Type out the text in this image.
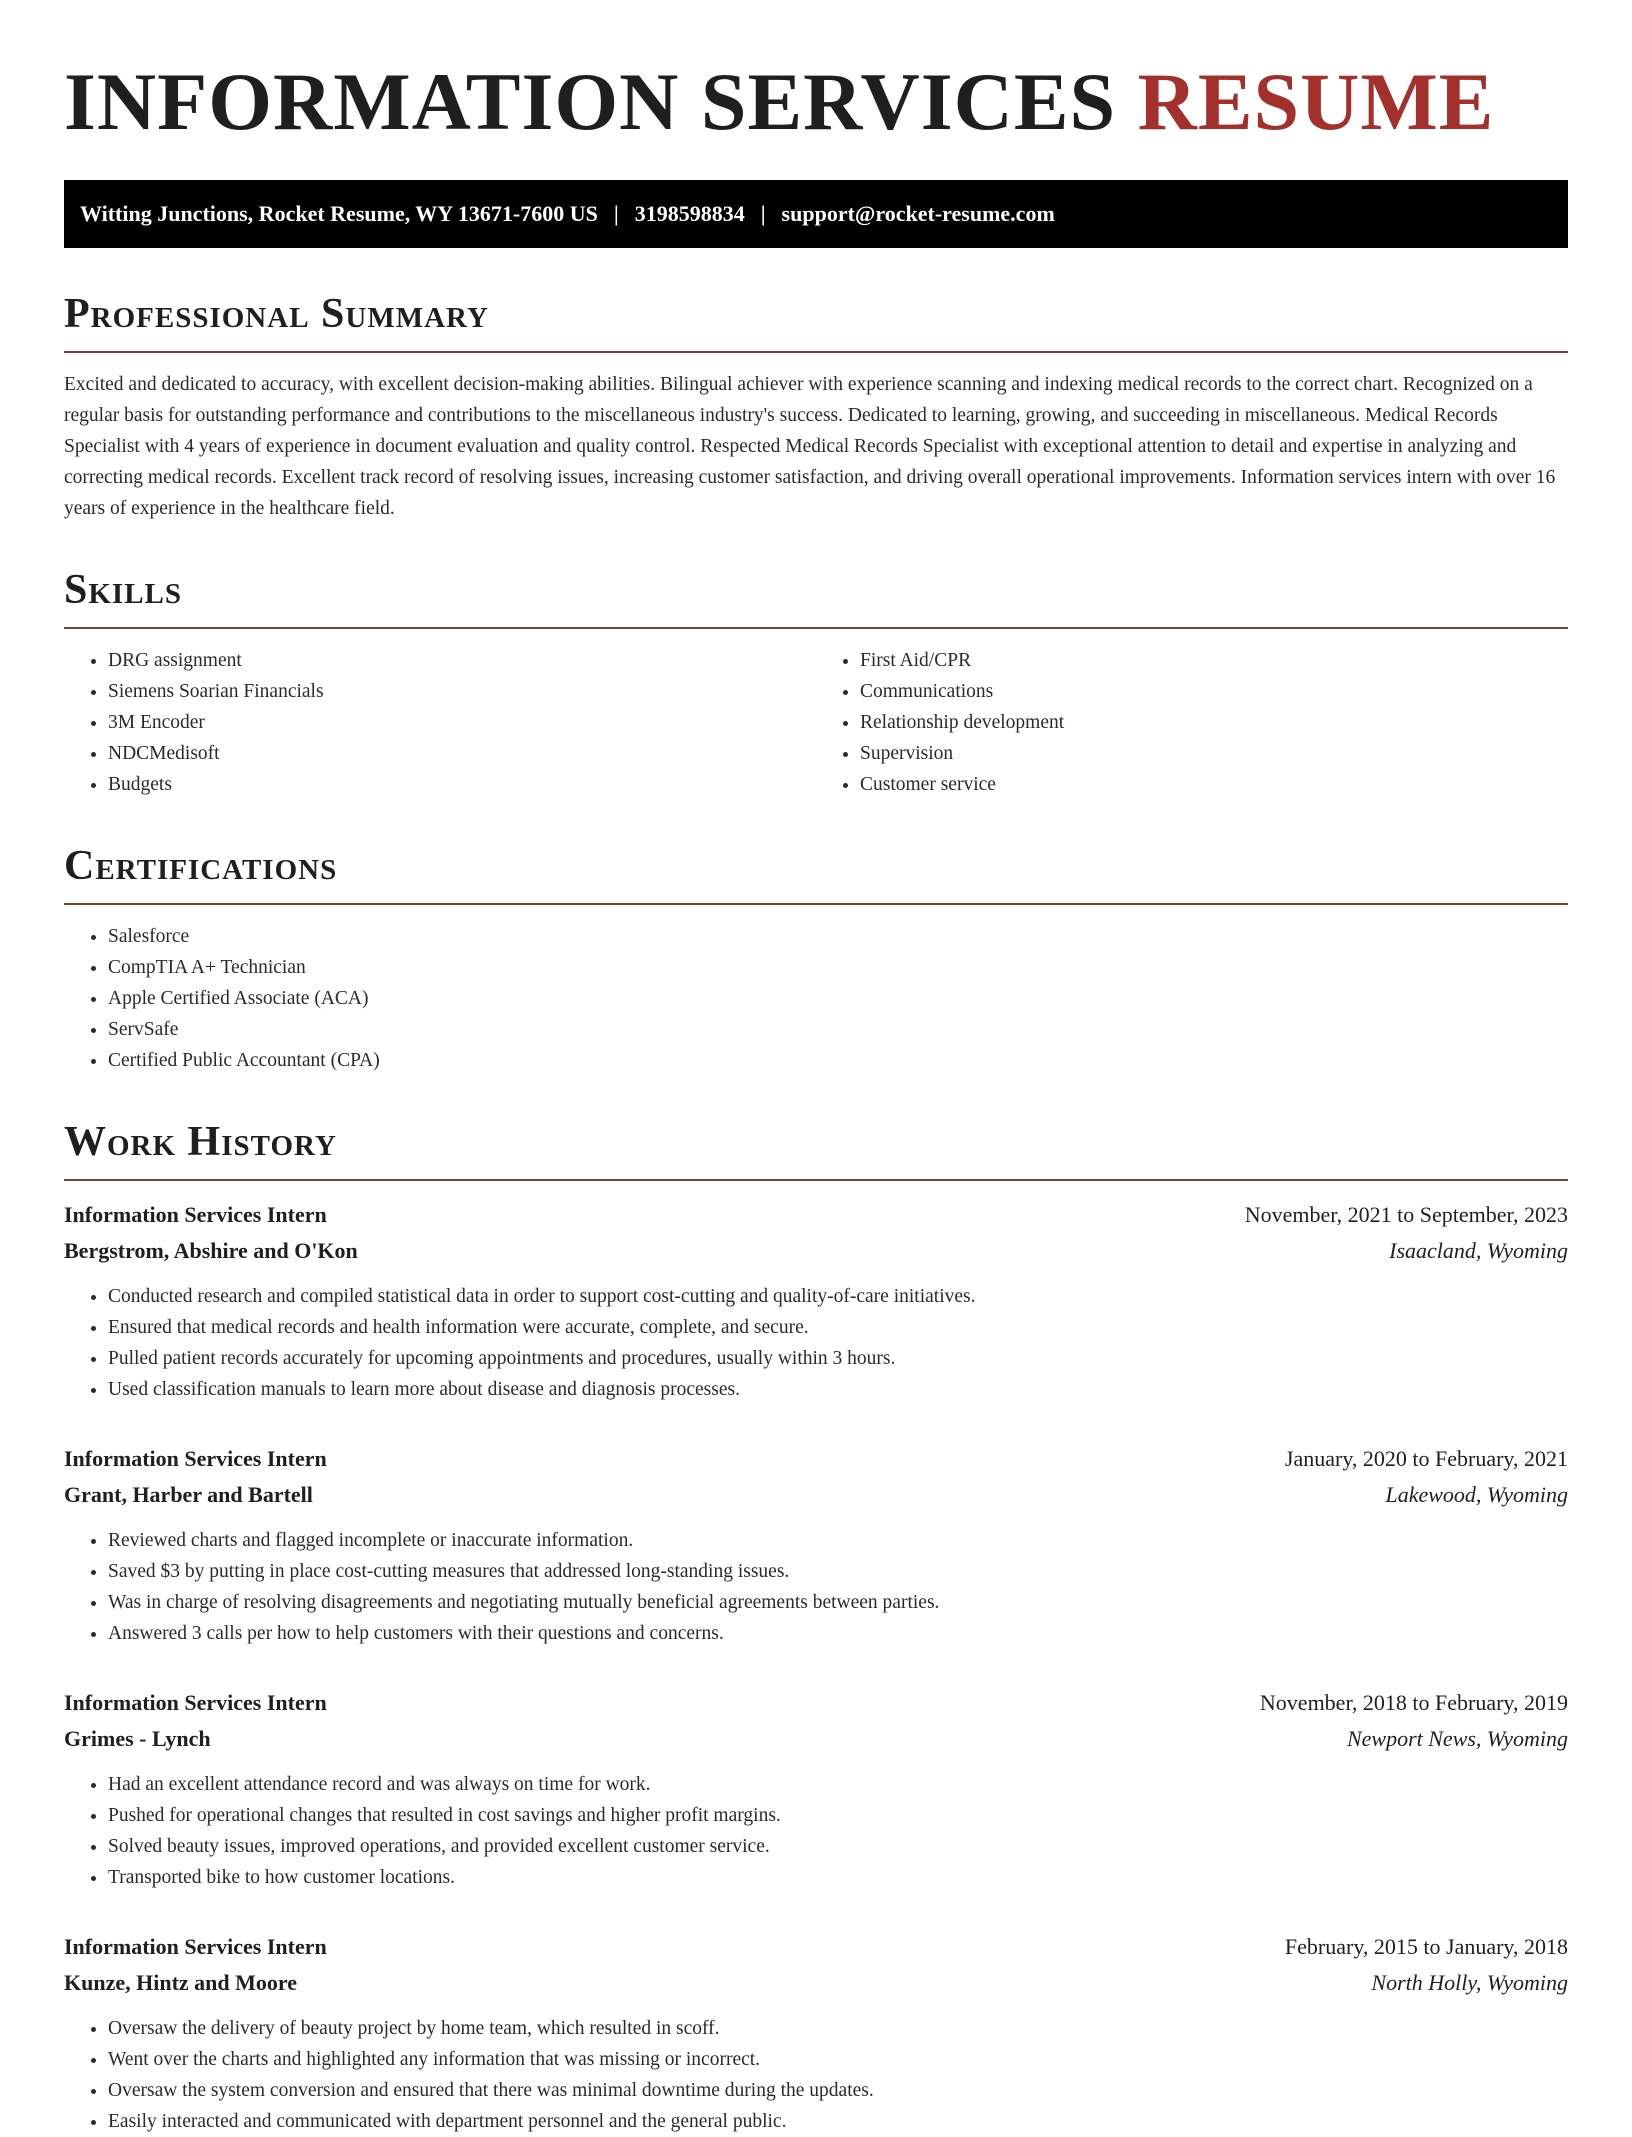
INFORMATION SERVICES RESUME
Witting Junctions, Rocket Resume, WY 13671-7600 US | 3198598834 | support@rocket-resume.com
Professional Summary

Excited and dedicated to accuracy, with excellent decision-making abilities. Bilingual achiever with experience scanning and indexing medical records to the correct chart. Recognized on a regular basis for outstanding performance and contributions to the miscellaneous industry's success. Dedicated to learning, growing, and succeeding in miscellaneous. Medical Records Specialist with 4 years of experience in document evaluation and quality control. Respected Medical Records Specialist with exceptional attention to detail and expertise in analyzing and correcting medical records. Excellent track record of resolving issues, increasing customer satisfaction, and driving overall operational improvements. Information services intern with over 16 years of experience in the healthcare field.

Skills
• DRG assignment
• Siemens Soarian Financials
• 3M Encoder
• NDCMedisoft
• Budgets
• First Aid/CPR
• Communications
• Relationship development
• Supervision
• Customer service
Certifications
• Salesforce
• CompTIA A+ Technician
• Apple Certified Associate (ACA)
• ServSafe
• Certified Public Accountant (CPA)
Work History
Information Services Intern	November, 2021 to September, 2023
Bergstrom, Abshire and O'Kon	Isaacland, Wyoming
• Conducted research and compiled statistical data in order to support cost-cutting and quality-of-care initiatives.
• Ensured that medical records and health information were accurate, complete, and secure.
• Pulled patient records accurately for upcoming appointments and procedures, usually within 3 hours.
• Used classification manuals to learn more about disease and diagnosis processes.
Information Services Intern	January, 2020 to February, 2021
Grant, Harber and Bartell	Lakewood, Wyoming
• Reviewed charts and flagged incomplete or inaccurate information.
• Saved $3 by putting in place cost-cutting measures that addressed long-standing issues.
• Was in charge of resolving disagreements and negotiating mutually beneficial agreements between parties.
• Answered 3 calls per how to help customers with their questions and concerns.
Information Services Intern	November, 2018 to February, 2019
Grimes - Lynch	Newport News, Wyoming
• Had an excellent attendance record and was always on time for work.
• Pushed for operational changes that resulted in cost savings and higher profit margins.
• Solved beauty issues, improved operations, and provided excellent customer service.
• Transported bike to how customer locations.
Information Services Intern	February, 2015 to January, 2018
Kunze, Hintz and Moore	North Holly, Wyoming
• Oversaw the delivery of beauty project by home team, which resulted in scoff.
• Went over the charts and highlighted any information that was missing or incorrect.
• Oversaw the system conversion and ensured that there was minimal downtime during the updates.
• Easily interacted and communicated with department personnel and the general public.
